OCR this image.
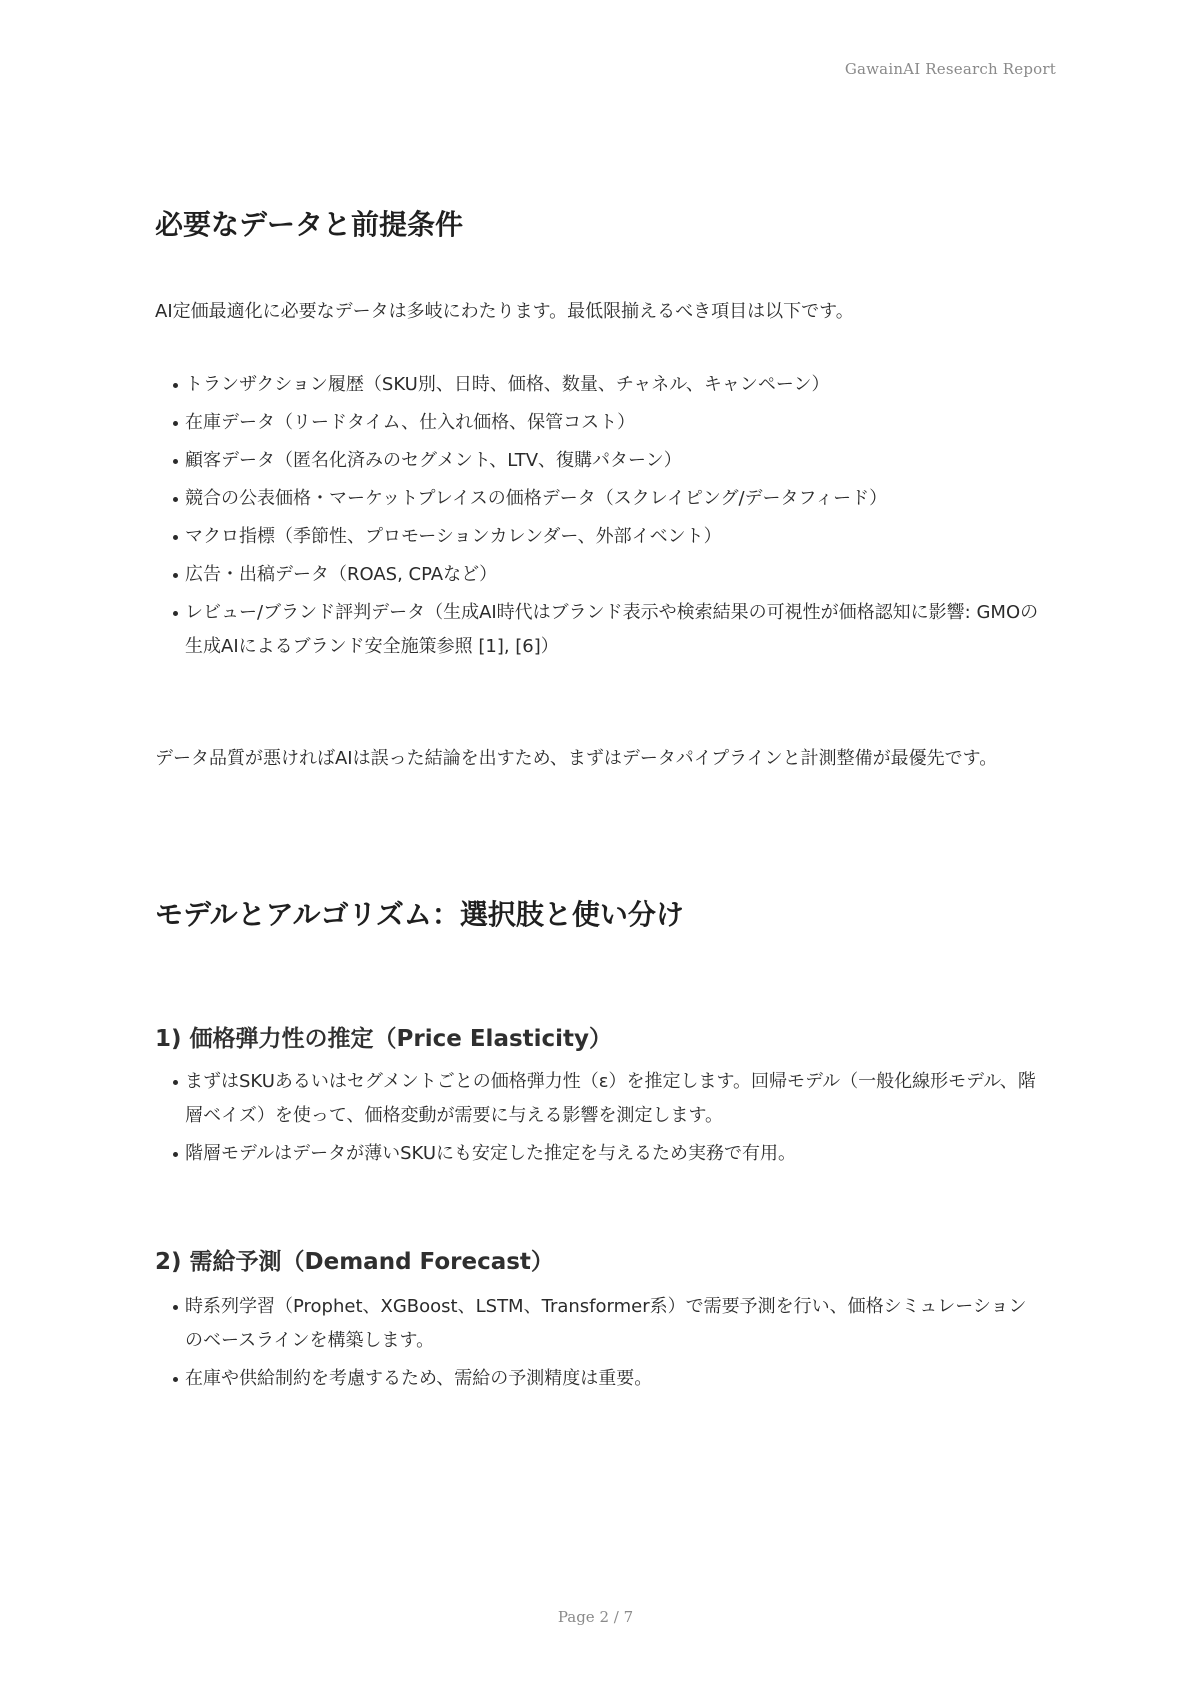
GawainAI Research Report
必要なデータと前提条件

AI定価最適化に必要なデータは多岐にわたります。最低限揃えるべき項目は以下です。

トランザクション履歴（SKU別、日時、価格、数量、チャネル、キャンペーン）
在庫データ（リードタイム、仕入れ価格、保管コスト）
顧客データ（匿名化済みのセグメント、LTV、復購パターン）
競合の公表価格・マーケットプレイスの価格データ（スクレイピング/データフィード）
マクロ指標（季節性、プロモーションカレンダー、外部イベント）
広告・出稿データ（ROAS, CPAなど）
レビュー/ブランド評判データ（生成AI時代はブランド表示や検索結果の可視性が価格認知に影響: GMOの生成AIによるブランド安全施策参照 [1], [6]）

データ品質が悪ければAIは誤った結論を出すため、まずはデータパイプラインと計測整備が最優先です。

モデルとアルゴリズム：選択肢と使い分け
1) 価格弾力性の推定（Price Elasticity）
まずはSKUあるいはセグメントごとの価格弾力性（ε）を推定します。回帰モデル（一般化線形モデル、階層ベイズ）を使って、価格変動が需要に与える影響を測定します。
階層モデルはデータが薄いSKUにも安定した推定を与えるため実務で有用。
2) 需給予測（Demand Forecast）
時系列学習（Prophet、XGBoost、LSTM、Transformer系）で需要予測を行い、価格シミュレーションのベースラインを構築します。
在庫や供給制約を考慮するため、需給の予測精度は重要。
Page 2 / 7
